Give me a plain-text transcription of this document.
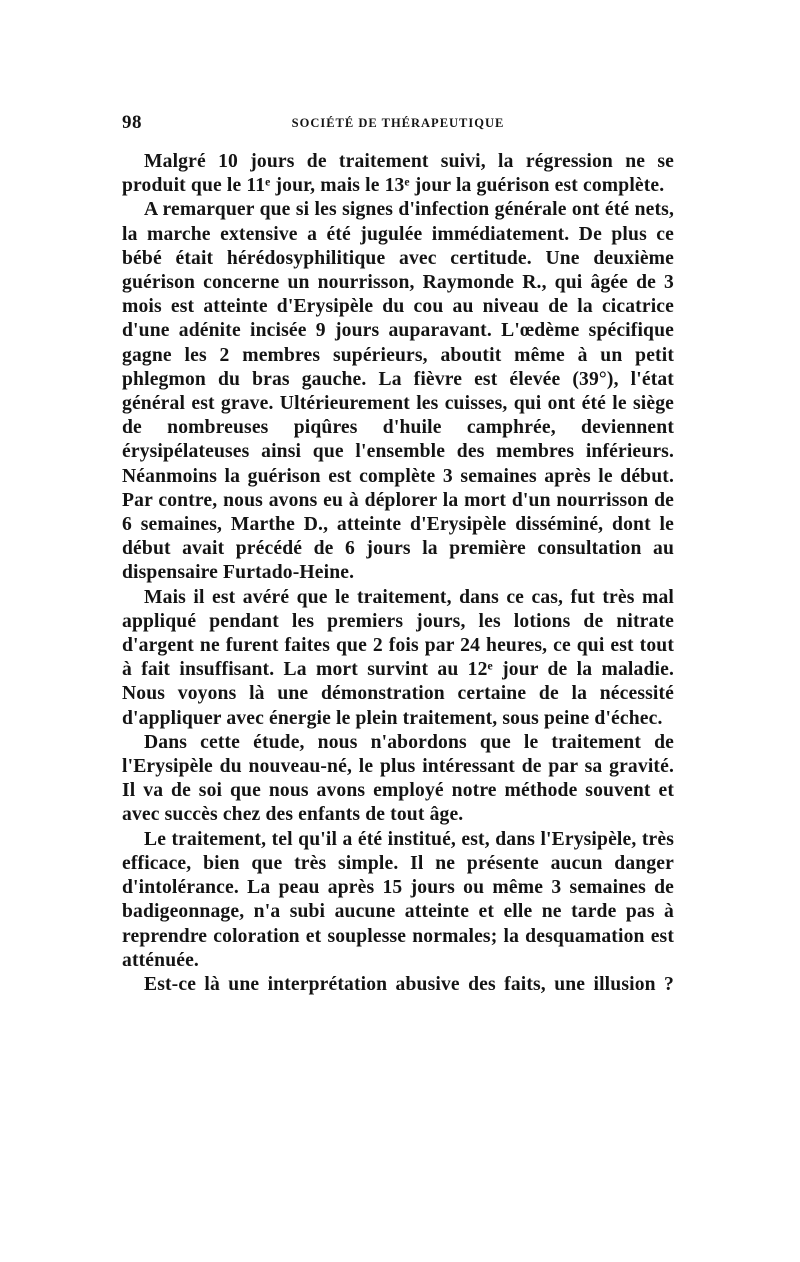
98	SOCIÉTÉ DE THÉRAPEUTIQUE

Malgré 10 jours de traitement suivi, la régression ne se produit que le 11ᵉ jour, mais le 13ᵉ jour la guérison est complète.

A remarquer que si les signes d'infection générale ont été nets, la marche extensive a été jugulée immédiatement. De plus ce bébé était hérédosyphilitique avec certitude. Une deuxième guérison concerne un nourrisson, Raymonde R., qui âgée de 3 mois est atteinte d'Erysipèle du cou au niveau de la cicatrice d'une adénite incisée 9 jours auparavant. L'œdème spécifique gagne les 2 membres supérieurs, aboutit même à un petit phlegmon du bras gauche. La fièvre est élevée (39°), l'état général est grave. Ultérieurement les cuisses, qui ont été le siège de nombreuses piqûres d'huile camphrée, deviennent érysipélateuses ainsi que l'ensemble des membres inférieurs. Néanmoins la guérison est complète 3 semaines après le début. Par contre, nous avons eu à déplorer la mort d'un nourrisson de 6 semaines, Marthe D., atteinte d'Erysipèle disséminé, dont le début avait précédé de 6 jours la première consultation au dispensaire Furtado-Heine.

Mais il est avéré que le traitement, dans ce cas, fut très mal appliqué pendant les premiers jours, les lotions de nitrate d'argent ne furent faites que 2 fois par 24 heures, ce qui est tout à fait insuffisant. La mort survint au 12ᵉ jour de la maladie. Nous voyons là une démonstration certaine de la nécessité d'appliquer avec énergie le plein traitement, sous peine d'échec.

Dans cette étude, nous n'abordons que le traitement de l'Erysipèle du nouveau-né, le plus intéressant de par sa gravité. Il va de soi que nous avons employé notre méthode souvent et avec succès chez des enfants de tout âge.

Le traitement, tel qu'il a été institué, est, dans l'Erysipèle, très efficace, bien que très simple. Il ne présente aucun danger d'intolérance. La peau après 15 jours ou même 3 semaines de badigeonnage, n'a subi aucune atteinte et elle ne tarde pas à reprendre coloration et souplesse normales; la desquamation est atténuée.

Est-ce là une interprétation abusive des faits, une illusion ?
